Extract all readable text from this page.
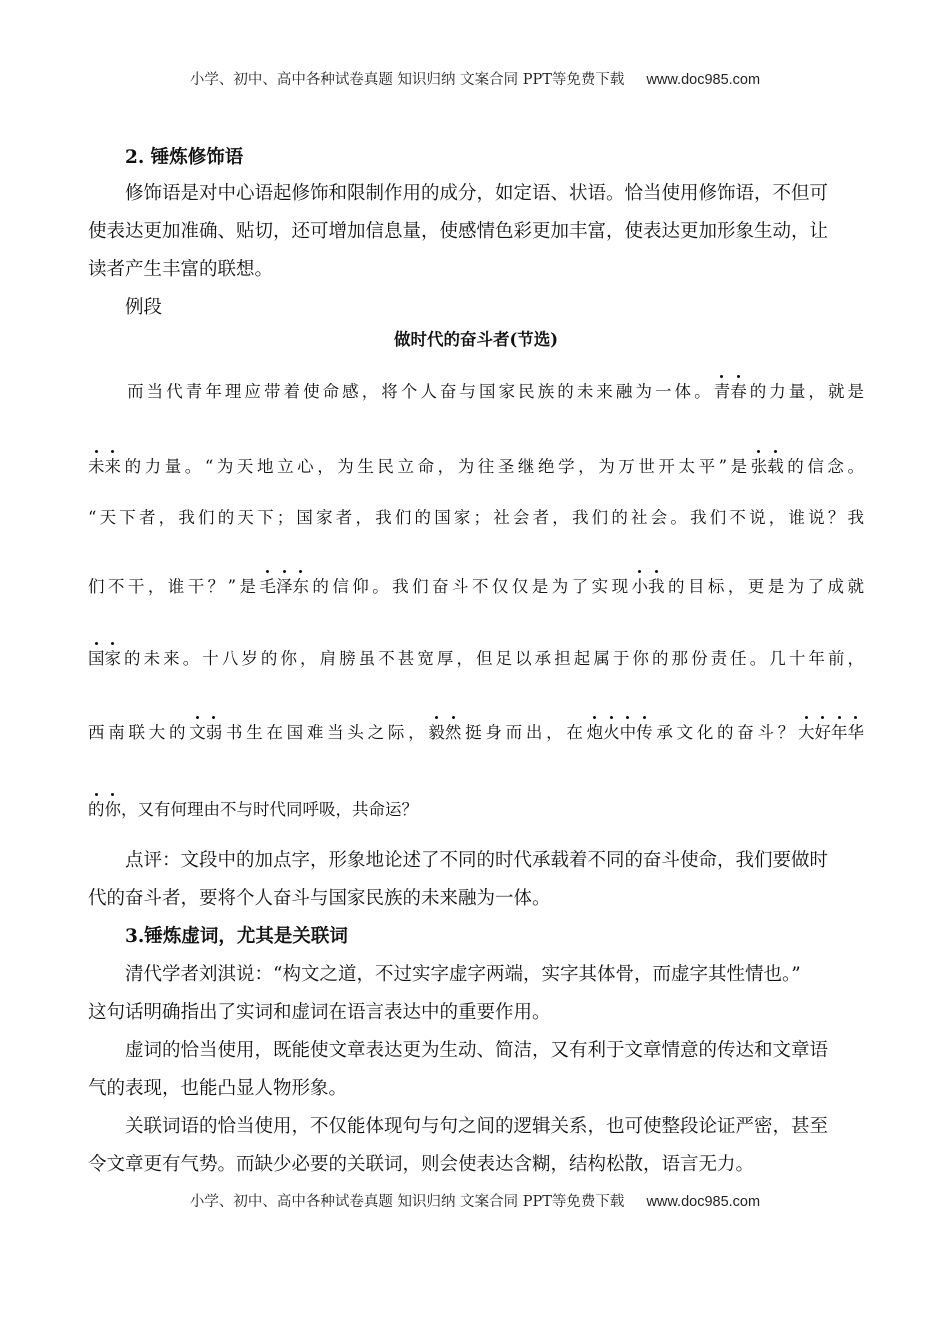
小学、初中、高中各种试卷真题 知识归纳 文案合同 PPT等免费下载 www.doc985.com
2. 锤炼修饰语
　　修饰语是对中心语起修饰和限制作用的成分，如定语、状语。恰当使用修饰语，不但可
使表达更加准确、贴切，还可增加信息量，使感情色彩更加丰富，使表达更加形象生动，让
读者产生丰富的联想。
　　例段
做时代的奋斗者(节选)
　　而当代青年理应带着使命感，将个人奋与国家民族的未来融为一体。青春的力量，就是
未来的力量。“为天地立心，为生民立命，为往圣继绝学，为万世开太平”是张载的信念。
“天下者，我们的天下；国家者，我们的国家；社会者，我们的社会。我们不说，谁说？我
们不干，谁干？”是毛泽东的信仰。我们奋斗不仅仅是为了实现小我的目标，更是为了成就
国家的未来。十八岁的你，肩膀虽不甚宽厚，但足以承担起属于你的那份责任。几十年前，
西南联大的文弱书生在国难当头之际，毅然挺身而出，在炮火中传承文化的奋斗？大好年华
的你，又有何理由不与时代同呼吸，共命运？
　　点评：文段中的加点字，形象地论述了不同的时代承载着不同的奋斗使命，我们要做时
代的奋斗者，要将个人奋斗与国家民族的未来融为一体。
　　3.锤炼虚词，尤其是关联词
　　清代学者刘淇说：“构文之道，不过实字虚字两端，实字其体骨，而虚字其性情也。”
这句话明确指出了实词和虚词在语言表达中的重要作用。
　　虚词的恰当使用，既能使文章表达更为生动、简洁，又有利于文章情意的传达和文章语
气的表现，也能凸显人物形象。
　　关联词语的恰当使用，不仅能体现句与句之间的逻辑关系，也可使整段论证严密，甚至
令文章更有气势。而缺少必要的关联词，则会使表达含糊，结构松散，语言无力。
小学、初中、高中各种试卷真题 知识归纳 文案合同 PPT等免费下载 www.doc985.com
